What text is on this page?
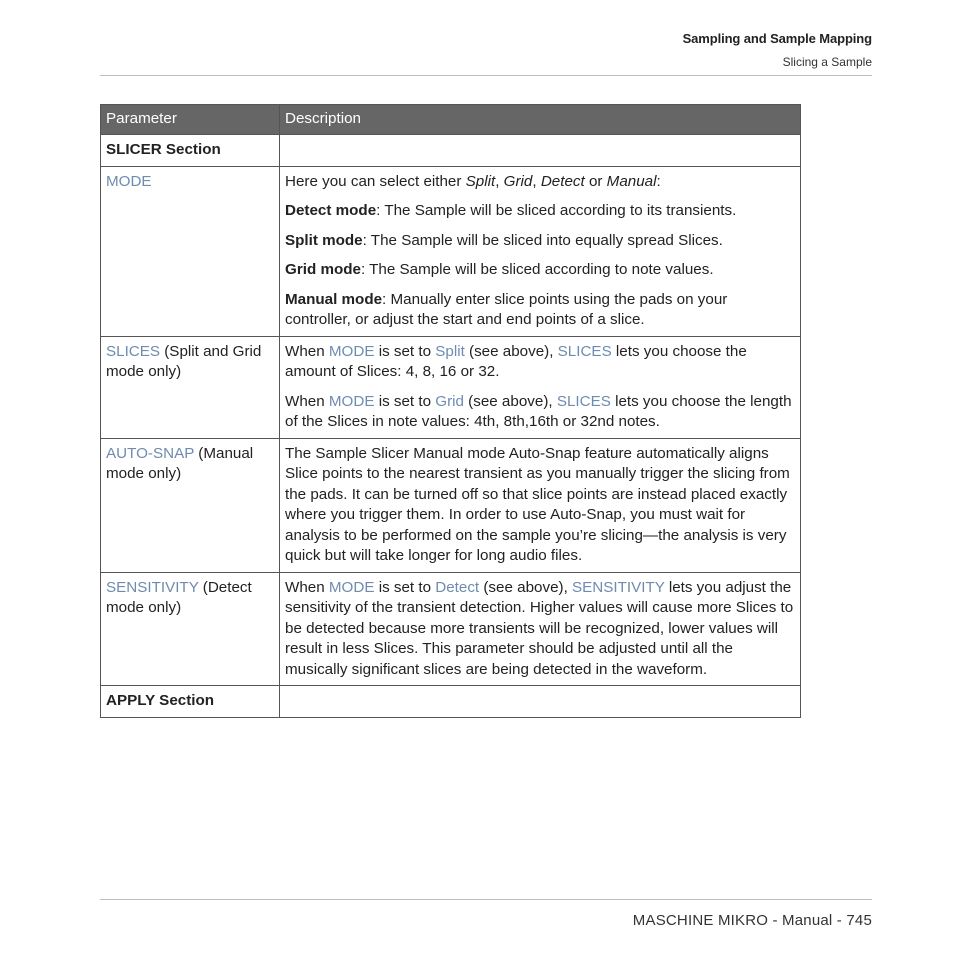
Sampling and Sample Mapping
Slicing a Sample
Parameter	Description
SLICER Section	
MODE	Here you can select either Split, Grid, Detect or Manual:

Detect mode: The Sample will be sliced according to its transients.

Split mode: The Sample will be sliced into equally spread Slices.

Grid mode: The Sample will be sliced according to note values.

Manual mode: Manually enter slice points using the pads on your controller, or adjust the start and end points of a slice.

SLICES (Split and Grid mode only)	When MODE is set to Split (see above), SLICES lets you choose the amount of Slices: 4, 8, 16 or 32.

When MODE is set to Grid (see above), SLICES lets you choose the length of the Slices in note values: 4th, 8th,16th or 32nd notes.

AUTO-SNAP (Manual mode only)	The Sample Slicer Manual mode Auto-Snap feature automatically aligns Slice points to the nearest transient as you manually trigger the slicing from the pads. It can be turned off so that slice points are instead placed exactly where you trigger them. In order to use Auto-Snap, you must wait for analysis to be performed on the sample you’re slicing—the analysis is very quick but will take longer for long audio files.
SENSITIVITY (Detect mode only)	When MODE is set to Detect (see above), SENSITIVITY lets you adjust the sensitivity of the transient detection. Higher values will cause more Slices to be detected because more transients will be recognized, lower values will result in less Slices. This parameter should be adjusted until all the musically significant slices are being detected in the waveform.
APPLY Section	
MASCHINE MIKRO - Manual - 745
